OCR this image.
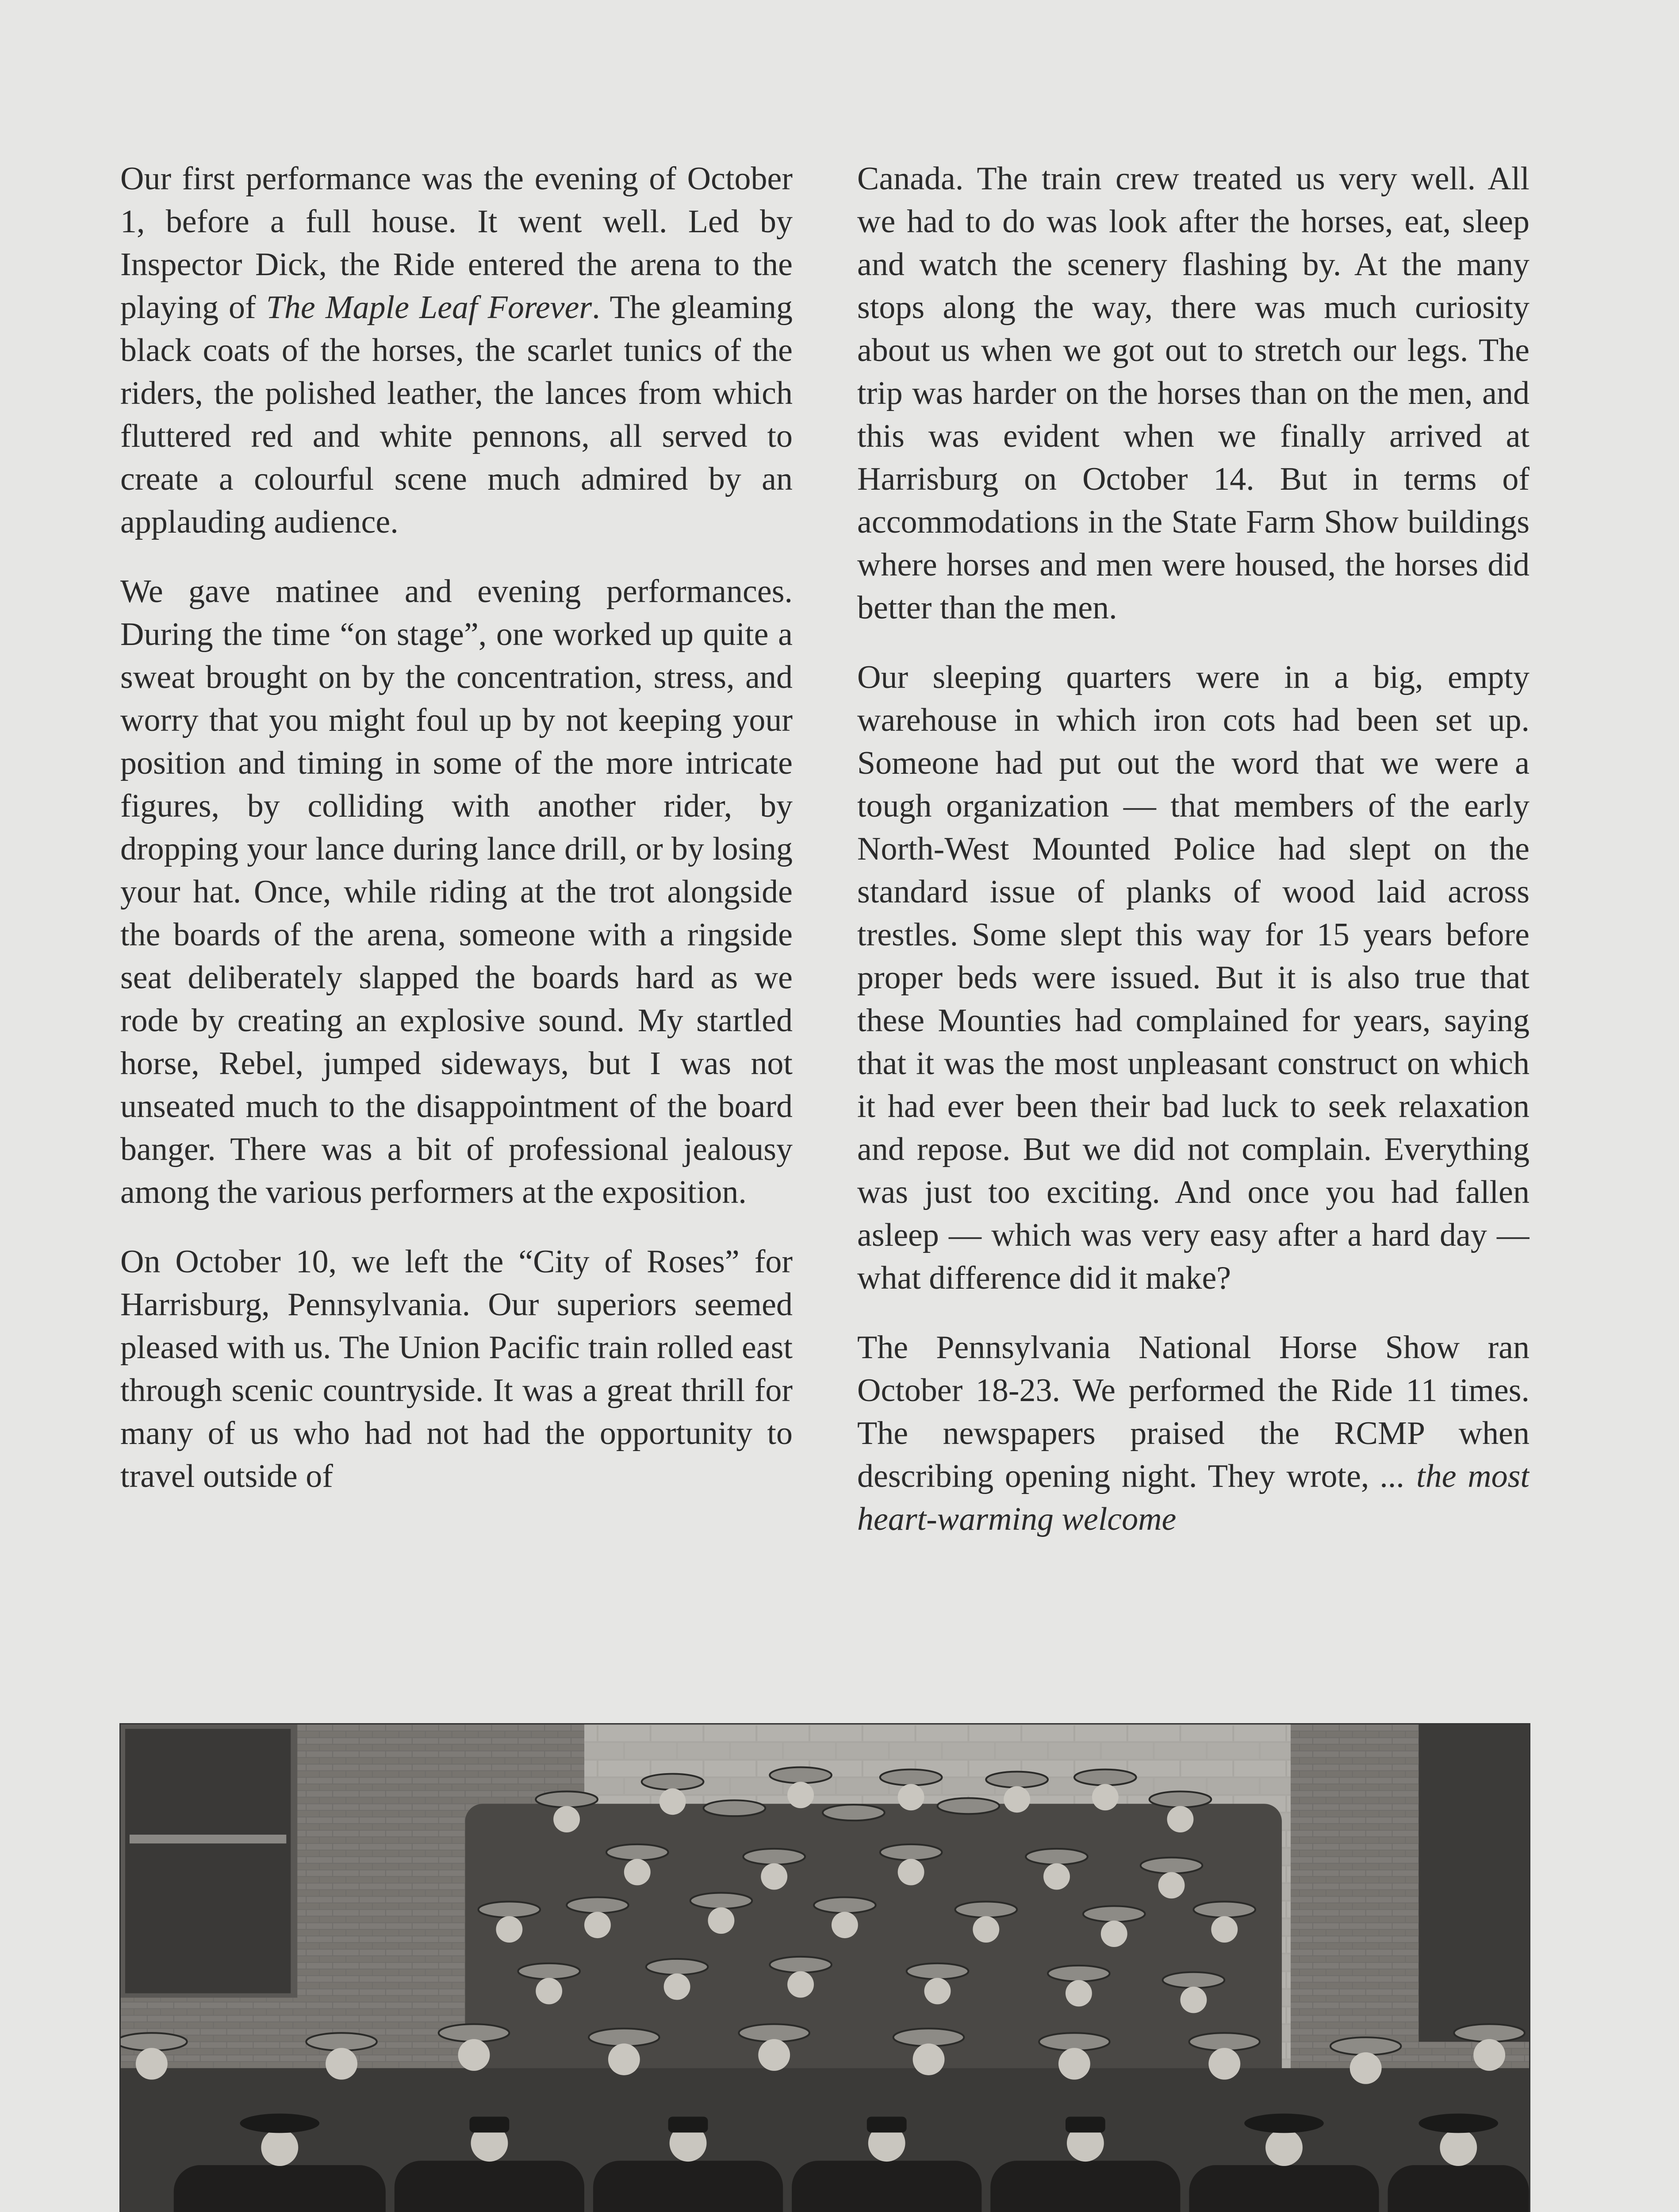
Our first performance was the evening of October 1, before a full house. It went well. Led by Inspector Dick, the Ride entered the arena to the playing of The Maple Leaf Forever. The gleaming black coats of the horses, the scarlet tunics of the riders, the polished leather, the lances from which fluttered red and white pennons, all served to create a colourful scene much admired by an applauding audience.

We gave matinee and evening performances. During the time “on stage”, one worked up quite a sweat brought on by the concentration, stress, and worry that you might foul up by not keeping your position and timing in some of the more intricate figures, by colliding with another rider, by dropping your lance during lance drill, or by losing your hat. Once, while riding at the trot alongside the boards of the arena, someone with a ringside seat deliberately slapped the boards hard as we rode by creating an explosive sound. My startled horse, Rebel, jumped sideways, but I was not unseated much to the disappointment of the board banger. There was a bit of professional jealousy among the various performers at the exposition.

On October 10, we left the “City of Roses” for Harrisburg, Pennsylvania. Our superiors seemed pleased with us. The Union Pacific train rolled east through scenic countryside. It was a great thrill for many of us who had not had the opportunity to travel outside of

Canada. The train crew treated us very well. All we had to do was look after the horses, eat, sleep and watch the scenery flashing by. At the many stops along the way, there was much curiosity about us when we got out to stretch our legs. The trip was harder on the horses than on the men, and this was evident when we finally arrived at Harrisburg on October 14. But in terms of accommodations in the State Farm Show buildings where horses and men were housed, the horses did better than the men.

Our sleeping quarters were in a big, empty warehouse in which iron cots had been set up. Someone had put out the word that we were a tough organization — that members of the early North-West Mounted Police had slept on the standard issue of planks of wood laid across trestles. Some slept this way for 15 years before proper beds were issued. But it is also true that these Mounties had complained for years, saying that it was the most unpleasant construct on which it had ever been their bad luck to seek relaxation and repose. But we did not complain. Everything was just too exciting. And once you had fallen asleep — which was very easy after a hard day — what difference did it make?

The Pennsylvania National Horse Show ran October 18-23. We performed the Ride 11 times. The newspapers praised the RCMP when describing opening night. They wrote, ... the most heart-warming welcome
